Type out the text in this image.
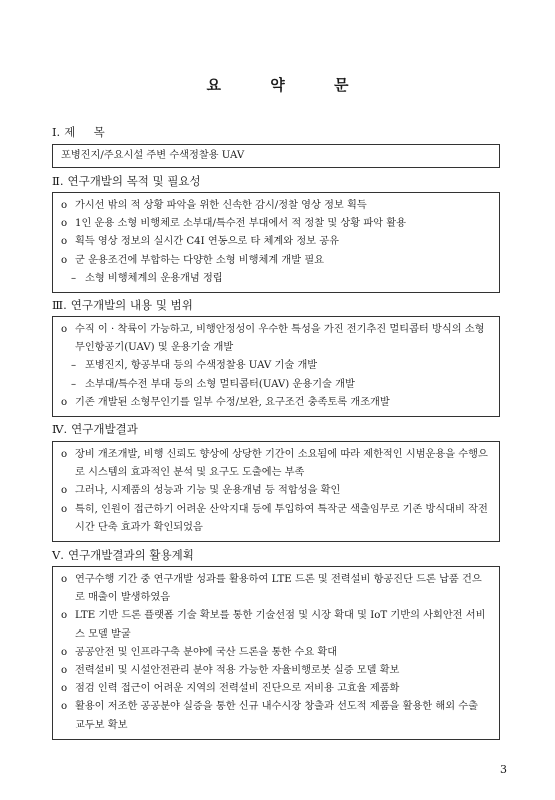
요 약 문
Ⅰ. 제     목
포병진지/주요시설 주변 수색정찰용 UAV
Ⅱ. 연구개발의 목적 및 필요성
o 가시선 밖의 적 상황 파악을 위한 신속한 감시/정찰 영상 정보 획득
o 1인 운용 소형 비행체로 소부대/특수전 부대에서 적 정찰 및 상황 파악 활용
o 획득 영상 정보의 실시간 C4I 연동으로 타 체계와 정보 공유
o 군 운용조건에 부합하는 다양한 소형 비행체계 개발 필요
– 소형 비행체계의 운용개념 정립
Ⅲ. 연구개발의 내용 및 범위
o 수직 이 · 착륙이 가능하고, 비행안정성이 우수한 특성을 가진 전기추진 멀티콥터 방식의 소형 무인항공기(UAV) 및 운용기술 개발
– 포병진지, 항공부대 등의 수색정찰용 UAV 기술 개발
– 소부대/특수전 부대 등의 소형 멀티콥터(UAV) 운용기술 개발
o 기존 개발된 소형무인기를 일부 수정/보완, 요구조건 충족토록 개조개발
Ⅳ. 연구개발결과
o 장비 개조개발, 비행 신뢰도 향상에 상당한 기간이 소요됨에 따라 제한적인 시범운용을 수행으로 시스템의 효과적인 분석 및 요구도 도출에는 부족
o 그러나, 시제품의 성능과 기능 및 운용개념 등 적합성을 확인
o 특히, 인원이 접근하기 어려운 산악지대 등에 투입하여 특작군 색출임무로 기존 방식대비 작전시간 단축 효과가 확인되었음
Ⅴ. 연구개발결과의 활용계획
o 연구수행 기간 중 연구개발 성과를 활용하여 LTE 드론 및 전력설비 항공진단 드론 납품 건으로 매출이 발생하였음
o LTE 기반 드론 플랫폼 기술 확보를 통한 기술선점 및 시장 확대 및 IoT 기반의 사회안전 서비스 모델 발굴
o 공공안전 및 인프라구축 분야에 국산 드론을 통한 수요 확대
o 전력설비 및 시설안전관리 분야 적용 가능한 자율비행로봇 실증 모델 확보
o 점검 인력 접근이 어려운 지역의 전력설비 진단으로 저비용 고효율 제품화
o 활용이 저조한 공공분야 실증을 통한 신규 내수시장 창출과 선도적 제품을 활용한 해외 수출 교두보 확보
3
